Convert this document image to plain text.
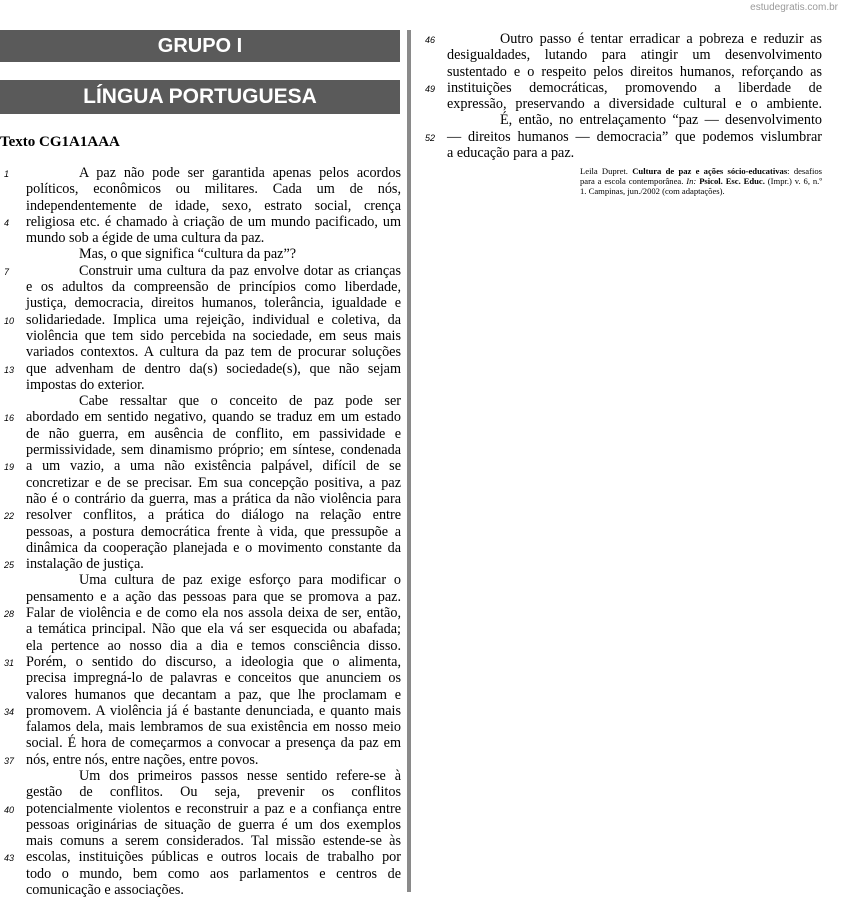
estudegratis.com.br
GRUPO I
LÍNGUA PORTUGUESA
Texto CG1A1AAA
1	A paz não pode ser garantida apenas pelos acordos
políticos, econômicos ou militares. Cada um de nós,
independentemente de idade, sexo, estrato social, crença
4 religiosa etc. é chamado à criação de um mundo pacificado, um
mundo sob a égide de uma cultura da paz.
Mas, o que significa “cultura da paz”?
7	Construir uma cultura da paz envolve dotar as crianças
e os adultos da compreensão de princípios como liberdade,
justiça, democracia, direitos humanos, tolerância, igualdade e
10 solidariedade. Implica uma rejeição, individual e coletiva, da
violência que tem sido percebida na sociedade, em seus mais
variados contextos. A cultura da paz tem de procurar soluções
13 que advenham de dentro da(s) sociedade(s), que não sejam
impostas do exterior.
Cabe ressaltar que o conceito de paz pode ser
16 abordado em sentido negativo, quando se traduz em um estado
de não guerra, em ausência de conflito, em passividade e
permissividade, sem dinamismo próprio; em síntese, condenada
19 a um vazio, a uma não existência palpável, difícil de se
concretizar e de se precisar. Em sua concepção positiva, a paz
não é o contrário da guerra, mas a prática da não violência para
22 resolver conflitos, a prática do diálogo na relação entre
pessoas, a postura democrática frente à vida, que pressupõe a
dinâmica da cooperação planejada e o movimento constante da
25 instalação de justiça.
Uma cultura de paz exige esforço para modificar o
pensamento e a ação das pessoas para que se promova a paz.
28 Falar de violência e de como ela nos assola deixa de ser, então,
a temática principal. Não que ela vá ser esquecida ou abafada;
ela pertence ao nosso dia a dia e temos consciência disso.
31 Porém, o sentido do discurso, a ideologia que o alimenta,
precisa impregná-lo de palavras e conceitos que anunciem os
valores humanos que decantam a paz, que lhe proclamam e
34 promovem. A violência já é bastante denunciada, e quanto mais
falamos dela, mais lembramos de sua existência em nosso meio
social. É hora de começarmos a convocar a presença da paz em
37 nós, entre nós, entre nações, entre povos.
Um dos primeiros passos nesse sentido refere-se à
gestão de conflitos. Ou seja, prevenir os conflitos
40 potencialmente violentos e reconstruir a paz e a confiança entre
pessoas originárias de situação de guerra é um dos exemplos
mais comuns a serem considerados. Tal missão estende-se às
43 escolas, instituições públicas e outros locais de trabalho por
todo o mundo, bem como aos parlamentos e centros de
comunicação e associações.
46	Outro passo é tentar erradicar a pobreza e reduzir as
desigualdades, lutando para atingir um desenvolvimento
sustentado e o respeito pelos direitos humanos, reforçando as
49 instituições democráticas, promovendo a liberdade de
expressão, preservando a diversidade cultural e o ambiente.
É, então, no entrelaçamento “paz — desenvolvimento
52 — direitos humanos — democracia” que podemos vislumbrar
a educação para a paz.
Leila Dupret. Cultura de paz e ações sócio-educativas: desafios para a escola contemporânea. In: Psicol. Esc. Educ. (Impr.) v. 6, n.º 1. Campinas, jun./2002 (com adaptações).
